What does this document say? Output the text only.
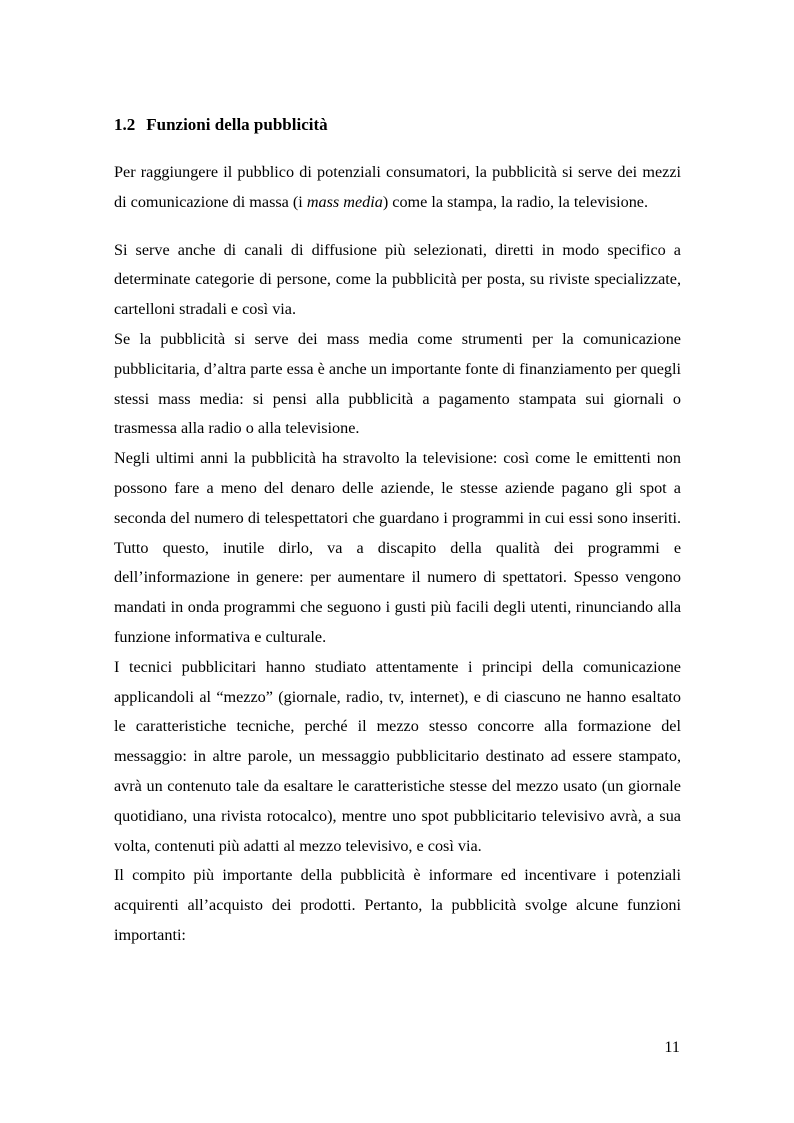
1.2 Funzioni della pubblicità

Per raggiungere il pubblico di potenziali consumatori, la pubblicità si serve dei mezzi di comunicazione di massa (i mass media) come la stampa, la radio, la televisione.

Si serve anche di canali di diffusione più selezionati, diretti in modo specifico a determinate categorie di persone, come la pubblicità per posta, su riviste specializzate, cartelloni stradali e così via.

Se la pubblicità si serve dei mass media come strumenti per la comunicazione pubblicitaria, d’altra parte essa è anche un importante fonte di finanziamento per quegli stessi mass media: si pensi alla pubblicità a pagamento stampata sui giornali o trasmessa alla radio o alla televisione.

Negli ultimi anni la pubblicità ha stravolto la televisione: così come le emittenti non possono fare a meno del denaro delle aziende, le stesse aziende pagano gli spot a seconda del numero di telespettatori che guardano i programmi in cui essi sono inseriti. Tutto questo, inutile dirlo, va a discapito della qualità dei programmi e dell’informazione in genere: per aumentare il numero di spettatori. Spesso vengono mandati in onda programmi che seguono i gusti più facili degli utenti, rinunciando alla funzione informativa e culturale.

I tecnici pubblicitari hanno studiato attentamente i principi della comunicazione applicandoli al “mezzo” (giornale, radio, tv, internet), e di ciascuno ne hanno esaltato le caratteristiche tecniche, perché il mezzo stesso concorre alla formazione del messaggio: in altre parole, un messaggio pubblicitario destinato ad essere stampato, avrà un contenuto tale da esaltare le caratteristiche stesse del mezzo usato (un giornale quotidiano, una rivista rotocalco), mentre uno spot pubblicitario televisivo avrà, a sua volta, contenuti più adatti al mezzo televisivo, e così via.

Il compito più importante della pubblicità è informare ed incentivare i potenziali acquirenti all’acquisto dei prodotti. Pertanto, la pubblicità svolge alcune funzioni importanti:

11
